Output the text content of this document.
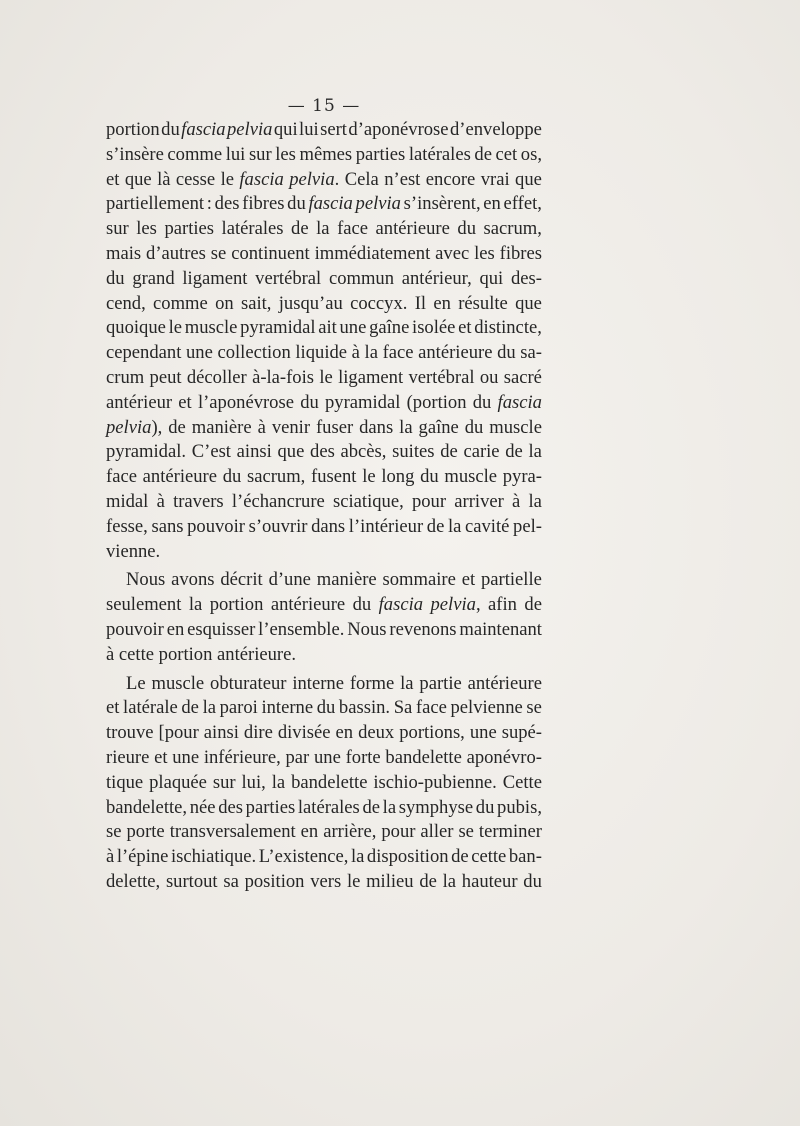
— 15 —
portion du fascia pelvia qui lui sert d’aponévrose d’enveloppe
s’insère comme lui sur les mêmes parties latérales de cet os,
et que là cesse le fascia pelvia. Cela n’est encore vrai que
partiellement : des fibres du fascia pelvia s’insèrent, en effet,
sur les parties latérales de la face antérieure du sacrum,
mais d’autres se continuent immédiatement avec les fibres
du grand ligament vertébral commun antérieur, qui des-
cend, comme on sait, jusqu’au coccyx. Il en résulte que
quoique le muscle pyramidal ait une gaîne isolée et distincte,
cependant une collection liquide à la face antérieure du sa-
crum peut décoller à-la-fois le ligament vertébral ou sacré
antérieur et l’aponévrose du pyramidal (portion du fascia
pelvia), de manière à venir fuser dans la gaîne du muscle
pyramidal. C’est ainsi que des abcès, suites de carie de la
face antérieure du sacrum, fusent le long du muscle pyra-
midal à travers l’échancrure sciatique, pour arriver à la
fesse, sans pouvoir s’ouvrir dans l’intérieur de la cavité pel-
vienne.
Nous avons décrit d’une manière sommaire et partielle
seulement la portion antérieure du fascia pelvia, afin de
pouvoir en esquisser l’ensemble. Nous revenons maintenant
à
cette
portion
antérieure.
Le muscle obturateur interne forme la partie antérieure
et latérale de la paroi interne du bassin. Sa face pelvienne se
trouve [pour ainsi dire divisée en deux portions, une supé-
rieure et une inférieure, par une forte bandelette aponévro-
tique plaquée sur lui, la bandelette ischio-pubienne. Cette
bandelette, née des parties latérales de la symphyse du pubis,
se porte transversalement en arrière, pour aller se terminer
à l’épine ischiatique. L’existence, la disposition de cette ban-
delette, surtout sa position vers le milieu de la hauteur du
